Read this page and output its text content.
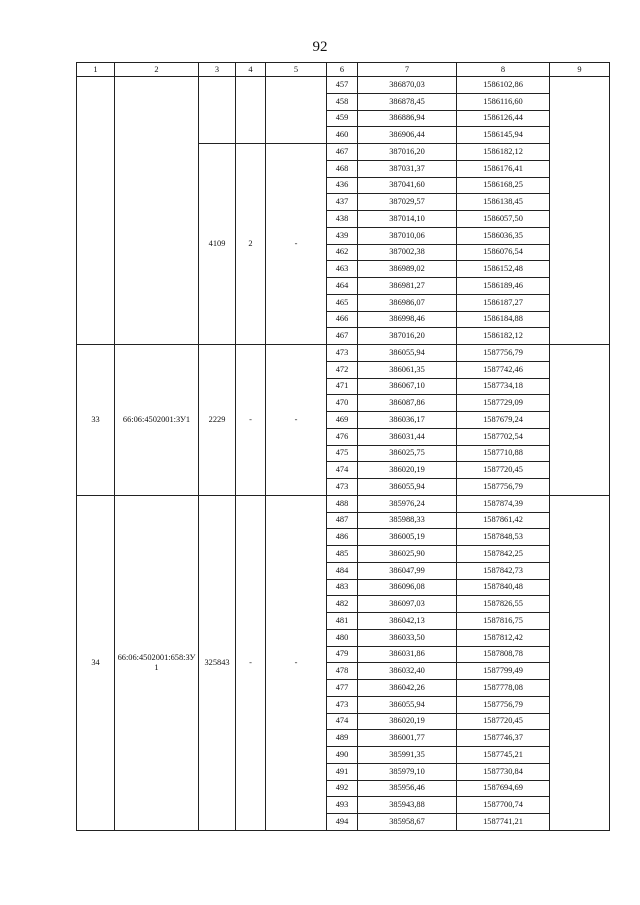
92
1	2	3	4	5	6	7	8	9
					457	386870,03	1586102,86	
					458	386878,45	1586116,60	
					459	386886,94	1586126,44	
					460	386906,44	1586145,94	
		4109	2	-	467	387016,20	1586182,12	
					468	387031,37	1586176,41	
					436	387041,60	1586168,25	
					437	387029,57	1586138,45	
					438	387014,10	1586057,50	
					439	387010,06	1586036,35	
					462	387002,38	1586076,54	
					463	386989,02	1586152,48	
					464	386981,27	1586189,46	
					465	386986,07	1586187,27	
					466	386998,46	1586184,88	
					467	387016,20	1586182,12	
33	66:06:4502001:ЗУ1	2229	-	-	473	386055,94	1587756,79	
					472	386061,35	1587742,46	
					471	386067,10	1587734,18	
					470	386087,86	1587729,09	
					469	386036,17	1587679,24	
					476	386031,44	1587702,54	
					475	386025,75	1587710,88	
					474	386020,19	1587720,45	
					473	386055,94	1587756,79	
34	66:06:4502001:658:ЗУ1	325843	-	-	488	385976,24	1587874,39	
					487	385988,33	1587861,42	
					486	386005,19	1587848,53	
					485	386025,90	1587842,25	
					484	386047,99	1587842,73	
					483	386096,08	1587840,48	
					482	386097,03	1587826,55	
					481	386042,13	1587816,75	
					480	386033,50	1587812,42	
					479	386031,86	1587808,78	
					478	386032,40	1587799,49	
					477	386042,26	1587778,08	
					473	386055,94	1587756,79	
					474	386020,19	1587720,45	
					489	386001,77	1587746,37	
					490	385991,35	1587745,21	
					491	385979,10	1587730,84	
					492	385956,46	1587694,69	
					493	385943,88	1587700,74	
					494	385958,67	1587741,21	
